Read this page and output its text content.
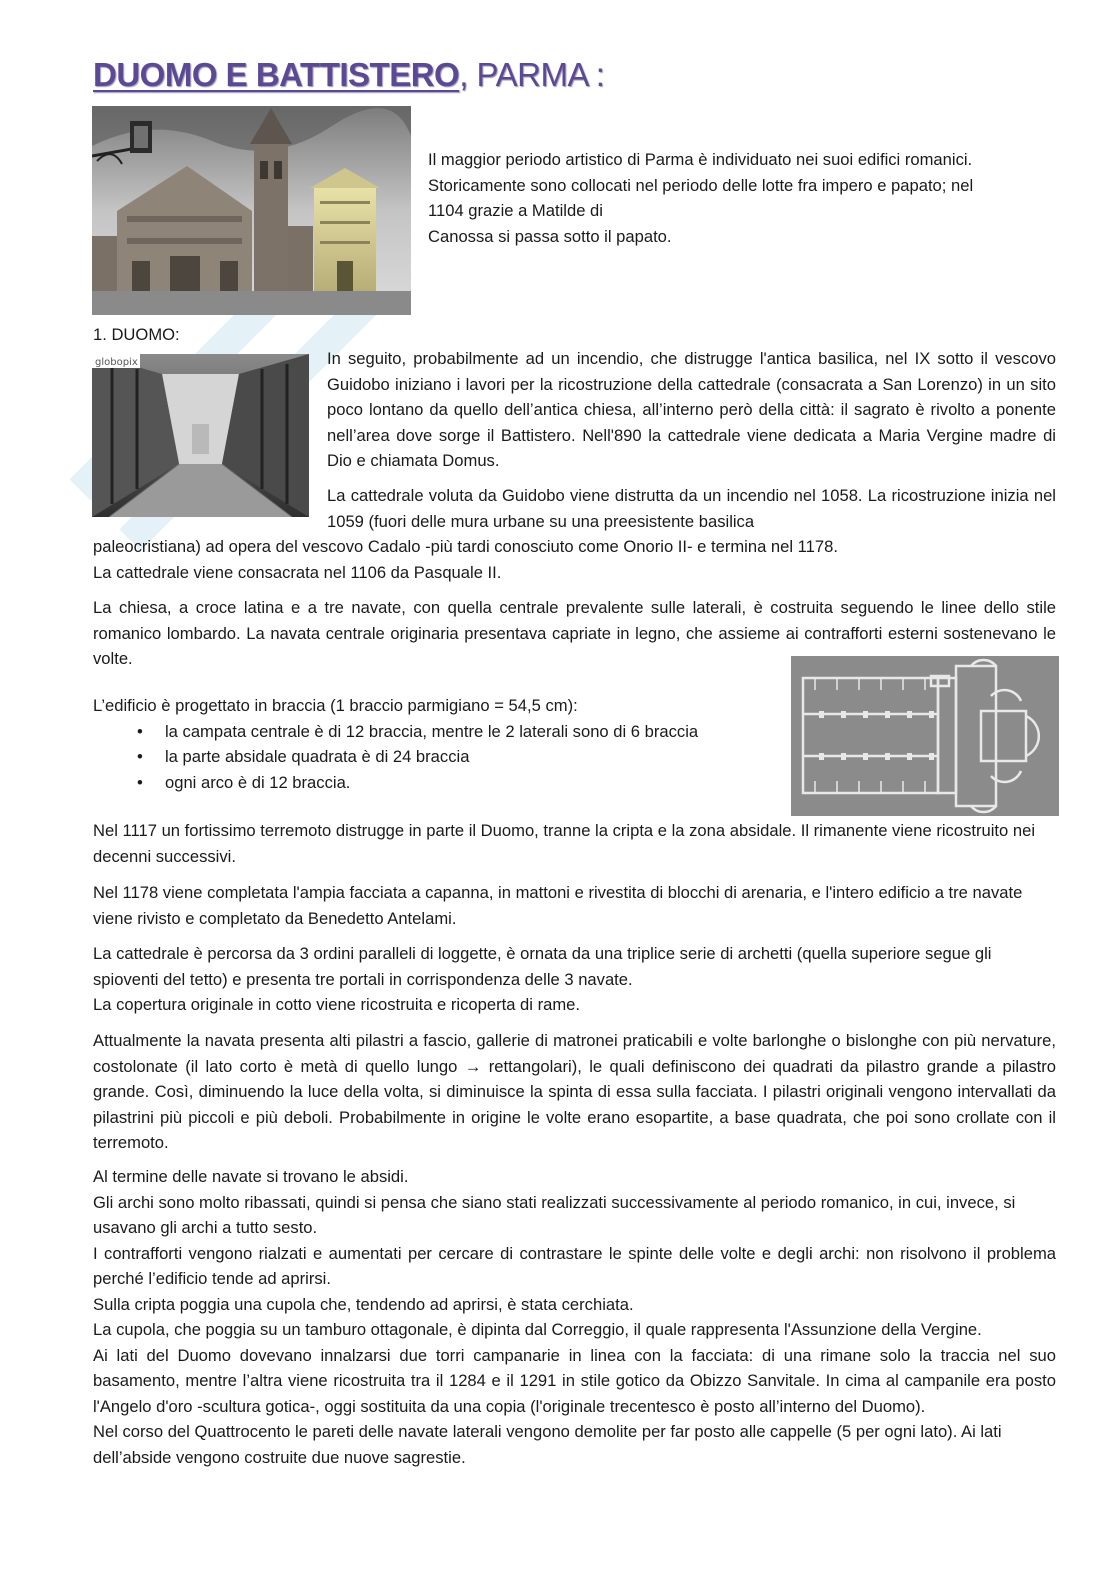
DUOMO E BATTISTERO, PARMA :
Il maggior periodo artistico di Parma è individuato nei suoi edifici romanici.
Storicamente sono collocati nel periodo delle lotte fra impero e papato; nel
1104 grazie a Matilde di
Canossa si passa sotto il papato.
1. DUOMO:
globopix	In seguito, probabilmente ad un incendio, che distrugge l'antica basilica, nel IX sotto il vescovo Guidobo iniziano i lavori per la ricostruzione della cattedrale (consacrata a San Lorenzo) in un sito poco lontano da quello dell’antica chiesa, all’interno però della città: il sagrato è rivolto a ponente nell’area dove sorge il Battistero. Nell'890 la cattedrale viene dedicata a Maria Vergine madre di Dio e chiamata Domus.
La cattedrale voluta da Guidobo viene distrutta da un incendio nel 1058. La ricostruzione inizia nel 1059 (fuori delle mura urbane su una preesistente basilica
paleocristiana) ad opera del vescovo Cadalo -più tardi conosciuto come Onorio II- e termina nel 1178.
La cattedrale viene consacrata nel 1106 da Pasquale II.
La chiesa, a croce latina e a tre navate, con quella centrale prevalente sulle laterali, è costruita seguendo le linee dello stile romanico lombardo. La navata centrale originaria presentava capriate in legno, che assieme ai contrafforti esterni sostenevano le volte.
L’edificio è progettato in braccia (1 braccio parmigiano = 54,5 cm):
• la campata centrale è di 12 braccia, mentre le 2 laterali sono di 6 braccia
• la parte absidale quadrata è di 24 braccia
• ogni arco è di 12 braccia.
Nel 1117 un fortissimo terremoto distrugge in parte il Duomo, tranne la cripta e la zona absidale. Il rimanente viene ricostruito nei decenni successivi.
Nel 1178 viene completata l'ampia facciata a capanna, in mattoni e rivestita di blocchi di arenaria, e l'intero edificio a tre navate viene rivisto e completato da Benedetto Antelami.
La cattedrale è percorsa da 3 ordini paralleli di loggette, è ornata da una triplice serie di archetti (quella superiore segue gli spioventi del tetto) e presenta tre portali in corrispondenza delle 3 navate.
La copertura originale in cotto viene ricostruita e ricoperta di rame.
Attualmente la navata presenta alti pilastri a fascio, gallerie di matronei praticabili e volte barlonghe o bislonghe con più nervature, costolonate (il lato corto è metà di quello lungo → rettangolari), le quali definiscono dei quadrati da pilastro grande a pilastro grande. Così, diminuendo la luce della volta, si diminuisce la spinta di essa sulla facciata. I pilastri originali vengono intervallati da pilastrini più piccoli e più deboli. Probabilmente in origine le volte erano esopartite, a base quadrata, che poi sono crollate con il terremoto.

Al termine delle navate si trovano le absidi.

Gli archi sono molto ribassati, quindi si pensa che siano stati realizzati successivamente al periodo romanico, in cui, invece, si usavano gli archi a tutto sesto.

I contrafforti vengono rialzati e aumentati per cercare di contrastare le spinte delle volte e degli archi: non risolvono il problema perché l’edificio tende ad aprirsi.

Sulla cripta poggia una cupola che, tendendo ad aprirsi, è stata cerchiata.

La cupola, che poggia su un tamburo ottagonale, è dipinta dal Correggio, il quale rappresenta l'Assunzione della Vergine.

Ai lati del Duomo dovevano innalzarsi due torri campanarie in linea con la facciata: di una rimane solo la traccia nel suo basamento, mentre l’altra viene ricostruita tra il 1284 e il 1291 in stile gotico da Obizzo Sanvitale. In cima al campanile era posto l'Angelo d'oro -scultura gotica-, oggi sostituita da una copia (l'originale trecentesco è posto all’interno del Duomo).

Nel corso del Quattrocento le pareti delle navate laterali vengono demolite per far posto alle cappelle (5 per ogni lato). Ai lati dell’abside vengono costruite due nuove sagrestie.
